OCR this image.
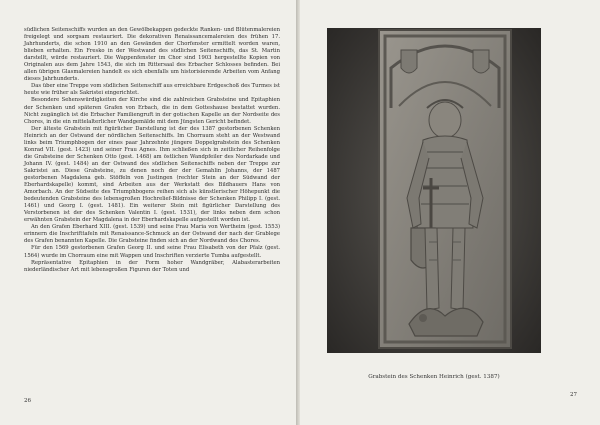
südlichen Seitenschiffs wurden an den Gewölbekappen gedeckte Ranken- und Blütenmalereien freigelegt und sorgsam restauriert. Die dekorativen Renaissancemalereien des frühen 17. Jahrhunderts, die schon 1910 an den Gewänden der Chorfenster ermittelt worden waren, blieben erhalten. Ein Fresko in der Westwand des südlichen Seitenschiffs, das St. Martin darstellt, würde restauriert. Die Wappenfenster im Chor sind 1903 hergestellte Kopien von Originalen aus dem Jahre 1543, die sich im Rittersaal des Erbacher Schlosses befinden. Bei allen übrigen Glasmalereien handelt es sich ebenfalls um historisierende Arbeiten vom Anfang dieses Jahrhunderts.

Das über eine Treppe vom südlichen Seitenschiff aus erreichbare Erdgeschoß des Turmes ist heute wie früher als Sakristei eingerichtet.

Besondere Sehenswürdigkeiten der Kirche sind die zahlreichen Grabsteine und Epitaphien der Schenken und späteren Grafen von Erbach, die in dem Gotteshause bestattet wurden. Nicht zugänglich ist die Erbacher Familiengruft in der gotischen Kapelle an der Nordseite des Chores, in die ein mittelalterlicher Wandgemälde mit dem Jüngsten Gericht befindet.

Der älteste Grabstein mit figürlicher Darstellung ist der des 1387 gestorbenen Schenken Heinrich an der Ostwand der nördlichen Seitenschiffs. Im Chorraum steht an der Westwand links beim Triumphbogen der eines paar Jahrzehnte jüngere Doppelgrabstein des Schenken Konrad VII. (gest. 1423) und seiner Frau Agnes. Ihm schließen sich in zeitlicher Reihenfolge die Grabsteine der Schenken Otto (gest. 1468) am östlichen Wandpfeiler des Nordarkade und Johann IV. (gest. 1484) an der Ostwand des südlichen Seitenschiffs neben der Treppe zur Sakristei an. Diese Grabsteine, zu denen noch der der Gemahlin Johanns, der 1487 gestorbenen Magdalena geb. Stöffeln von Justingen (rechter Stein an der Südwand der Eberhardskapelle) kommt, sind Arbeiten aus der Werkstatt des Bildhauers Hans von Amorbach. An der Südseite des Triumphbogens reihen sich als künstlerischer Höhepunkt die bedeutenden Grabsteine des lebensgroßen Hochrelief-Bildnisse der Schenken Philipp I. (gest. 1461) und Georg I. (gest. 1481). Ein weiterer Stein mit figürlicher Darstellung des Verstorbenen ist der des Schenken Valentin I. (gest. 1531), der links neben dem schon erwähnten Grabstein der Magdalena in der Eberhardskapelle aufgestellt worden ist.

An den Grafen Eberhard XIII. (gest. 1539) und seine Frau Maria von Wertheim (gest. 1553) erinnern die Inschrifttafeln mit Renaissance-Schmuck an der Ostwand der nach der Grablege des Grafen benannten Kapelle. Die Grabsteine finden sich an der Nordwand des Chores.

Für den 1569 gestorbenen Grafen Georg II. und seine Frau Elisabeth von der Pfalz (gest. 1564) wurde im Chorraum eine mit Wappen und Inschriften verzierte Tumba aufgestellt.

Repräsentative Epitaphien in der Form hoher Wandgräber, Alabasterarbeiten niederländischer Art mit lebensgroßen Figuren der Toten und

26
Grabstein des Schenken Heinrich (gest. 1387)
27
